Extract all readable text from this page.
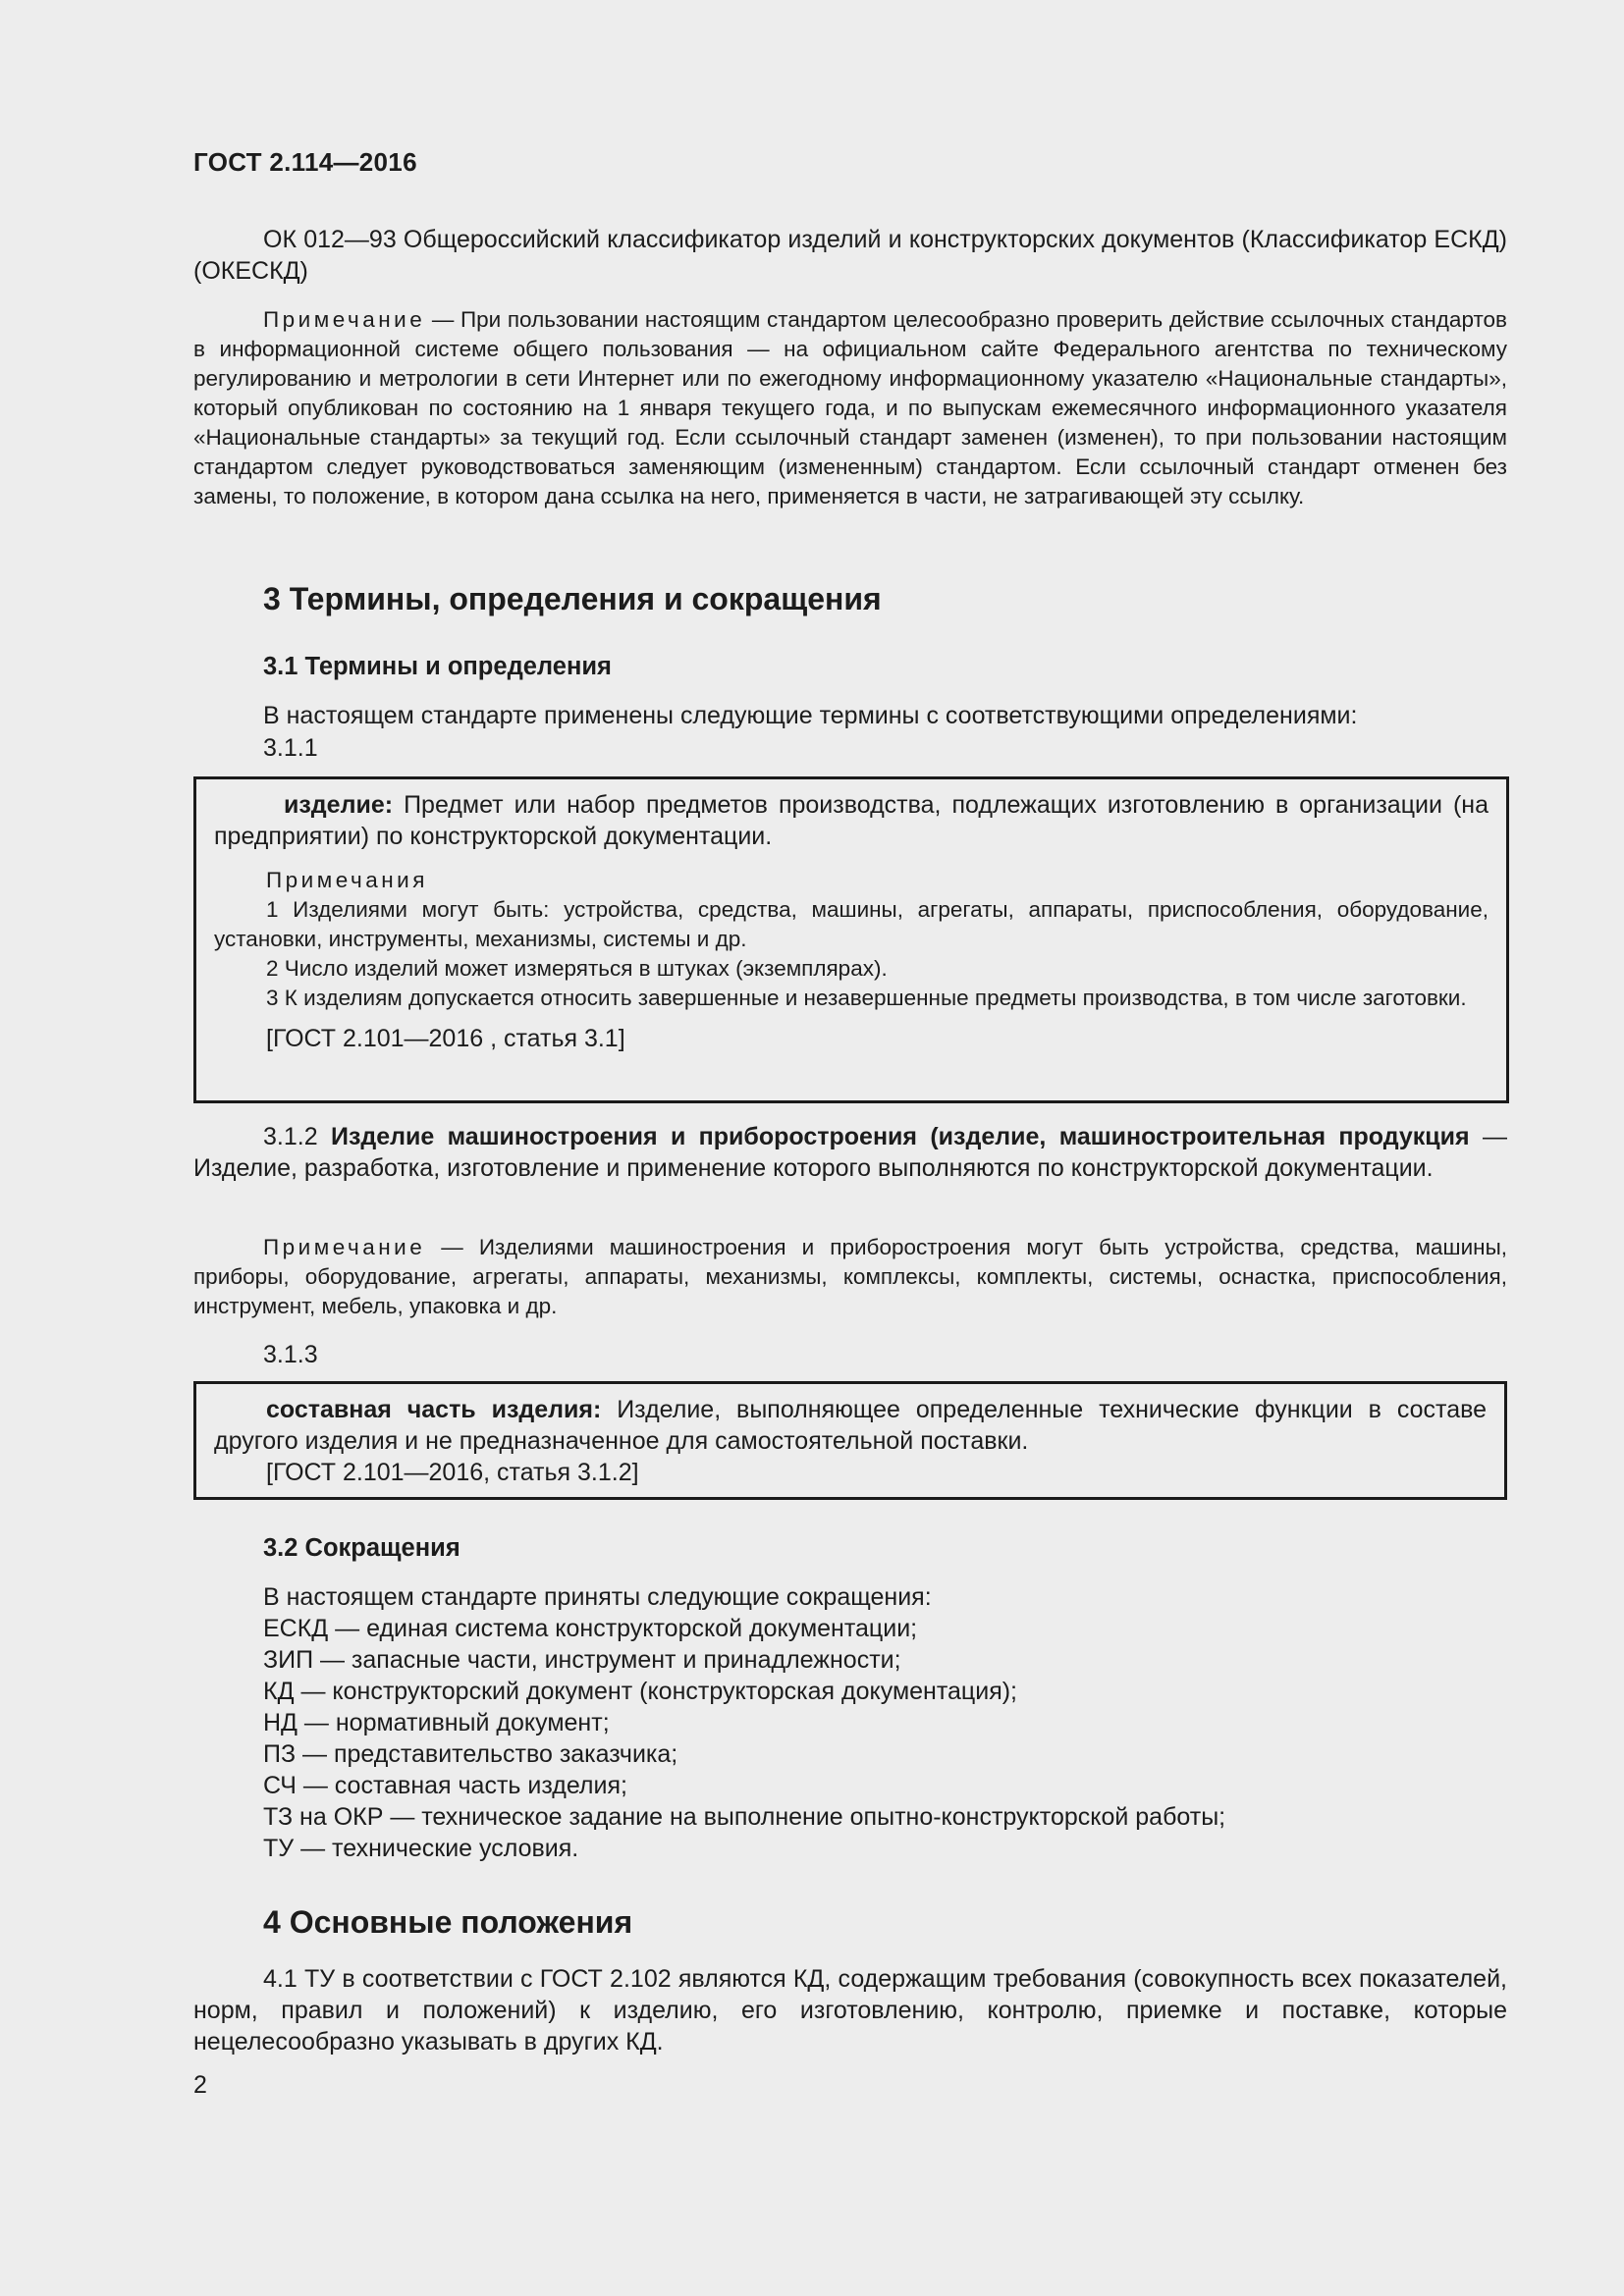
ГОСТ 2.114—2016
ОК 012—93 Общероссийский классификатор изделий и конструкторских документов (Классификатор ЕСКД) (ОКЕСКД)
Примечание — При пользовании настоящим стандартом целесообразно проверить действие ссылочных стандартов в информационной системе общего пользования — на официальном сайте Федерального агентства по техническому регулированию и метрологии в сети Интернет или по ежегодному информационному указателю «Национальные стандарты», который опубликован по состоянию на 1 января текущего года, и по выпускам ежемесячного информационного указателя «Национальные стандарты» за текущий год. Если ссылочный стандарт заменен (изменен), то при пользовании настоящим стандартом следует руководствоваться заменяющим (измененным) стандартом. Если ссылочный стандарт отменен без замены, то положение, в котором дана ссылка на него, применяется в части, не затрагивающей эту ссылку.
3 Термины, определения и сокращения
3.1 Термины и определения
В настоящем стандарте применены следующие термины с соответствующими определениями:
3.1.1
изделие: Предмет или набор предметов производства, подлежащих изготовлению в организации (на предприятии) по конструкторской документации.
Примечания
1 Изделиями могут быть: устройства, средства, машины, агрегаты, аппараты, приспособления, оборудование, установки, инструменты, механизмы, системы и др.
2 Число изделий может измеряться в штуках (экземплярах).
3 К изделиям допускается относить завершенные и незавершенные предметы производства, в том числе заготовки.
[ГОСТ 2.101—2016 , статья 3.1]
3.1.2 Изделие машиностроения и приборостроения (изделие, машиностроительная продукция — Изделие, разработка, изготовление и применение которого выполняются по конструкторской документации.
Примечание — Изделиями машиностроения и приборостроения могут быть устройства, средства, машины, приборы, оборудование, агрегаты, аппараты, механизмы, комплексы, комплекты, системы, оснастка, приспособления, инструмент, мебель, упаковка и др.
3.1.3
составная часть изделия: Изделие, выполняющее определенные технические функции в составе другого изделия и не предназначенное для самостоятельной поставки.
[ГОСТ 2.101—2016, статья 3.1.2]
3.2 Сокращения
В настоящем стандарте приняты следующие сокращения:
ЕСКД — единая система конструкторской документации;
ЗИП — запасные части, инструмент и принадлежности;
КД — конструкторский документ (конструкторская документация);
НД — нормативный документ;
ПЗ — представительство заказчика;
СЧ — составная часть изделия;
ТЗ на ОКР — техническое задание на выполнение опытно-конструкторской работы;
ТУ — технические условия.
4 Основные положения
4.1 ТУ в соответствии с ГОСТ 2.102 являются КД, содержащим требования (совокупность всех показателей, норм, правил и положений) к изделию, его изготовлению, контролю, приемке и поставке, которые нецелесообразно указывать в других КД.
2
